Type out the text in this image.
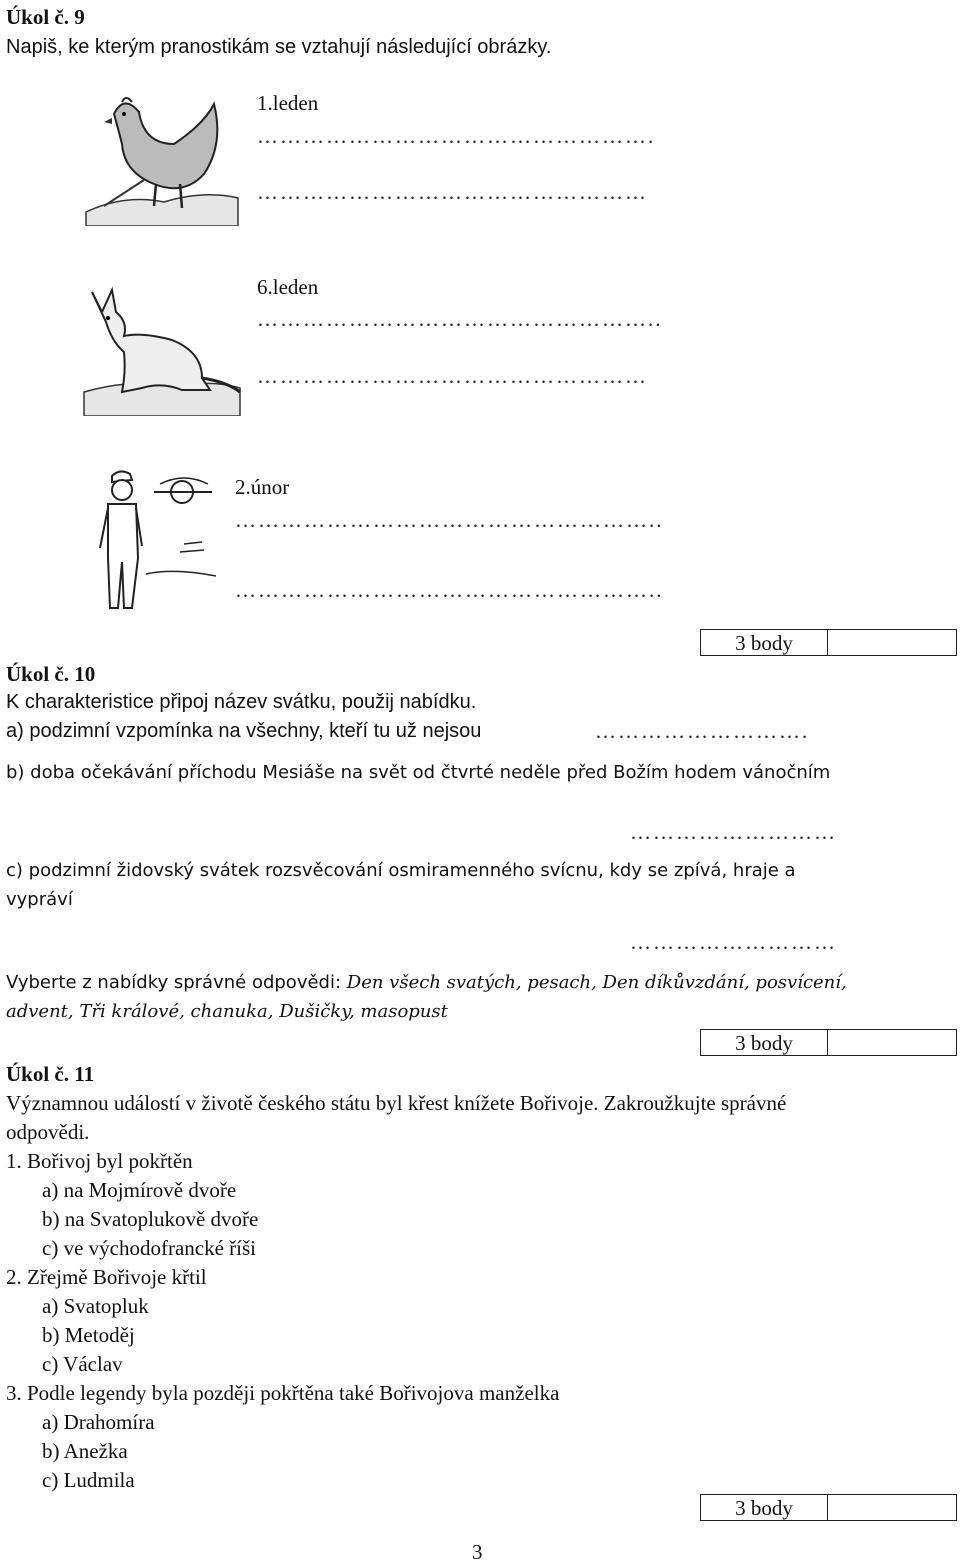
Úkol č. 9
Napiš, ke kterým pranostikám se vztahují následující obrázky.
1.leden
…………………………………………….
……………………………………………
6.leden
……………………………………………..
……………………………………………
2.únor
………………………………………………..
………………………………………………..
3 body
Úkol č. 10
K charakteristice připoj název svátku, použij nabídku.
a) podzimní vzpomínka na všechny, kteří tu už nejsou	……………………….
b) doba očekávání příchodu Mesiáše na svět od čtvrté neděle před Božím hodem vánočním
………………………
c) podzimní židovský svátek rozsvěcování osmiramenného svícnu, kdy se zpívá, hraje a
vypráví
………………………
Vyberte z nabídky správné odpovědi: Den všech svatých, pesach, Den díkůvzdání, posvícení,
advent, Tři králové, chanuka, Dušičky, masopust
3 body
Úkol č. 11
Významnou událostí v životě českého státu byl křest knížete Bořivoje. Zakroužkujte správné
odpovědi.
1. Bořivoj byl pokřtěn
a) na Mojmírově dvoře
b) na Svatoplukově dvoře
c) ve východofrancké říši
2. Zřejmě Bořivoje křtil
a) Svatopluk
b) Metoděj
c) Václav
3. Podle legendy byla později pokřtěna také Bořivojova manželka
a) Drahomíra
b) Anežka
c) Ludmila
3 body
3
